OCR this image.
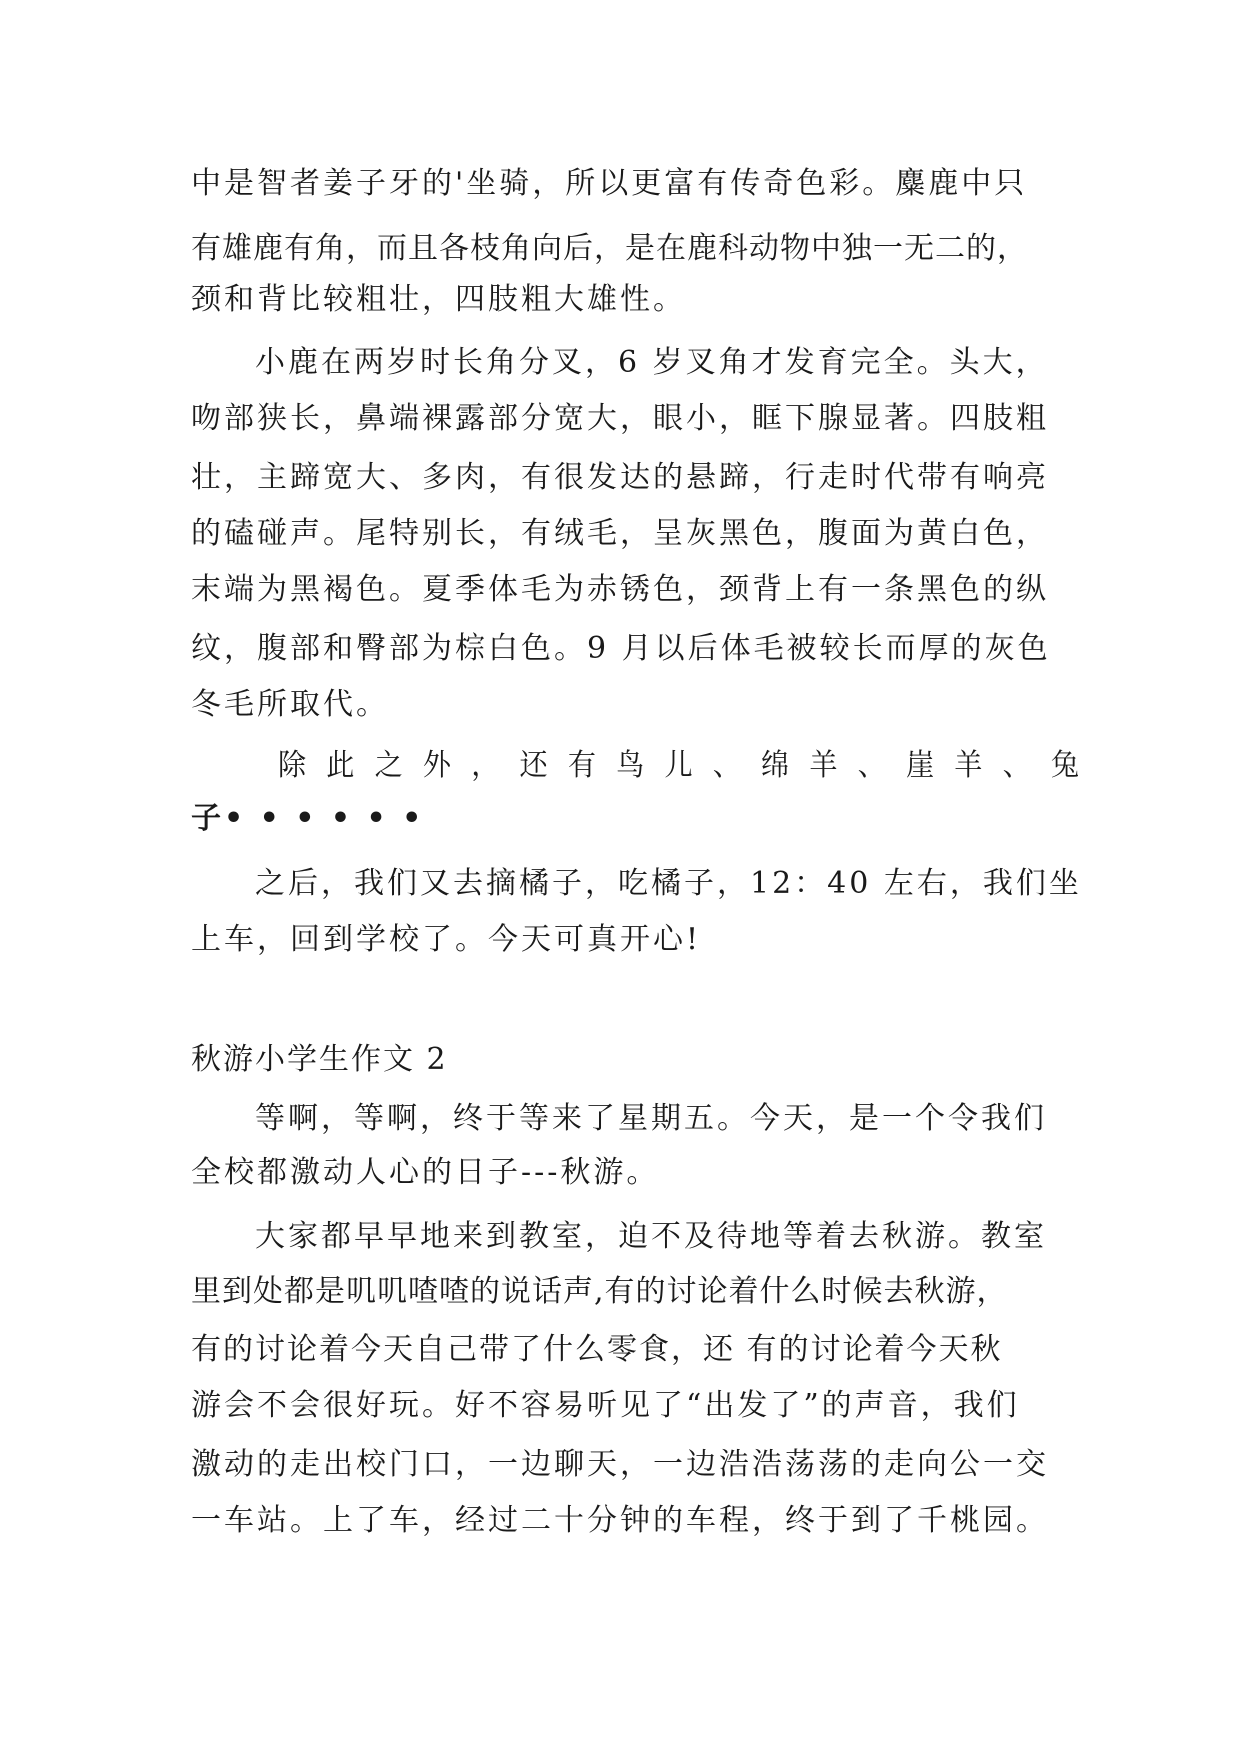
中是智者姜子牙的'坐骑，所以更富有传奇色彩。麋鹿中只
有雄鹿有角，而且各枝角向后，是在鹿科动物中独一无二的，
颈和背比较粗壮，四肢粗大雄性。
小鹿在两岁时长角分叉，6 岁叉角才发育完全。头大，
吻部狭长，鼻端裸露部分宽大，眼小，眶下腺显著。四肢粗
壮，主蹄宽大、多肉，有很发达的悬蹄，行走时代带有响亮
的磕碰声。尾特别长，有绒毛，呈灰黑色，腹面为黄白色，
末端为黑褐色。夏季体毛为赤锈色，颈背上有一条黑色的纵
纹，腹部和臀部为棕白色。9 月以后体毛被较长而厚的灰色
冬毛所取代。
除 此 之 外 ， 还 有 鸟 儿 、 绵 羊 、 崖 羊 、 兔
子• • • • • •
之后，我们又去摘橘子，吃橘子，12：40 左右，我们坐
上车，回到学校了。今天可真开心!
秋游小学生作文 2
等啊，等啊，终于等来了星期五。今天，是一个令我们
全校都激动人心的日子---秋游。
大家都早早地来到教室，迫不及待地等着去秋游。教室
里到处都是叽叽喳喳的说话声,有的讨论着什么时候去秋游，
有的讨论着今天自己带了什么零食，还 有的讨论着今天秋
游会不会很好玩。好不容易听见了“出发了”的声音，我们
激动的走出校门口，一边聊天，一边浩浩荡荡的走向公一交
一车站。上了车，经过二十分钟的车程，终于到了千桃园。
